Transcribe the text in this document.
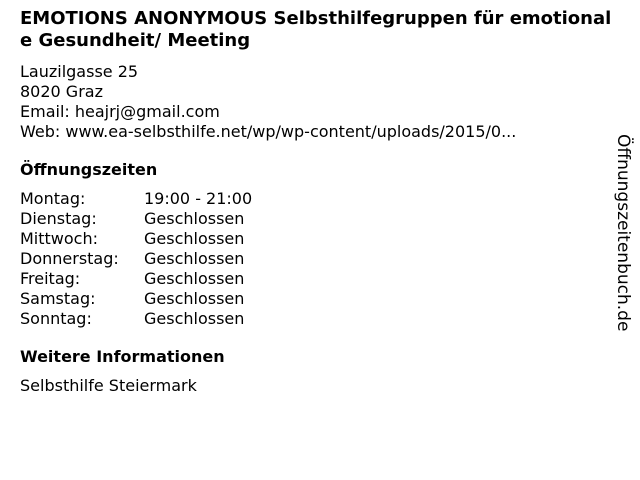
EMOTIONS ANONYMOUS Selbsthilfegruppen für emotionale Gesundheit/ Meeting
Lauzilgasse 25
8020 Graz
Email: heajrj@gmail.com
Web: www.ea-selbsthilfe.net/wp/wp-content/uploads/2015/0...
Öffnungszeiten
Montag:	19:00 - 21:00
Dienstag:	Geschlossen
Mittwoch:	Geschlossen
Donnerstag:	Geschlossen
Freitag:	Geschlossen
Samstag:	Geschlossen
Sonntag:	Geschlossen
Weitere Informationen
Selbsthilfe Steiermark
Öffnungszeitenbuch.de
